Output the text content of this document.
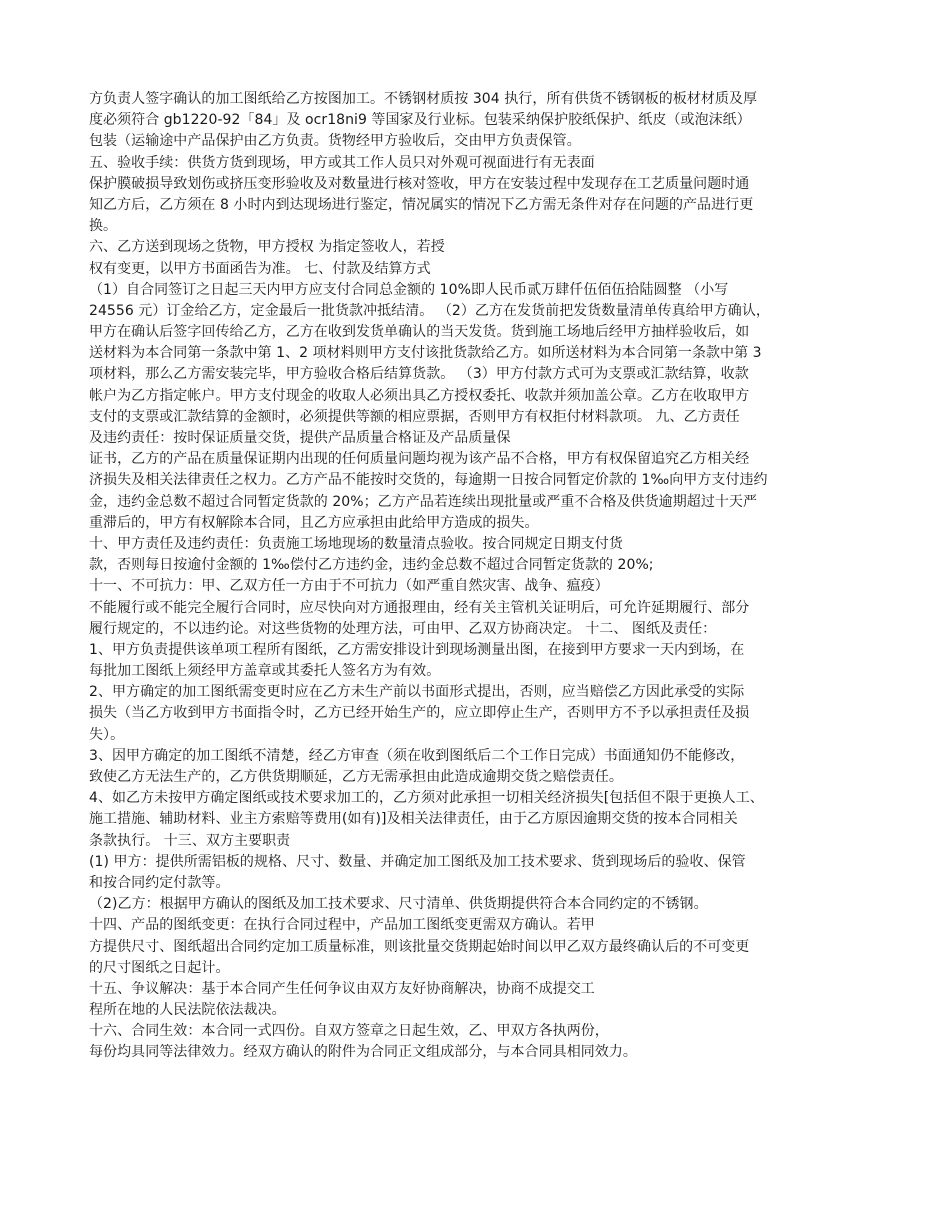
方负责人签字确认的加工图纸给乙方按图加工。不锈钢材质按 304 执行，所有供货不锈钢板的板材材质及厚
度必须符合 gb1220-92「84」及 ocr18ni9 等国家及行业标。包装采纳保护胶纸保护、纸皮（或泡沫纸）
包装（运输途中产品保护由乙方负责。货物经甲方验收后，交由甲方负责保管。
五、验收手续：供货方货到现场，甲方或其工作人员只对外观可视面进行有无表面
保护膜破损导致划伤或挤压变形验收及对数量进行核对签收，甲方在安装过程中发现存在工艺质量问题时通
知乙方后，乙方须在 8 小时内到达现场进行鉴定，情况属实的情况下乙方需无条件对存在问题的产品进行更
换。
六、乙方送到现场之货物，甲方授权 为指定签收人，若授
权有变更，以甲方书面函告为准。 七、付款及结算方式
（1）自合同签订之日起三天内甲方应支付合同总金额的 10%即人民币贰万肆仟伍佰伍拾陆圆整 （小写
24556 元）订金给乙方，定金最后一批货款冲抵结清。 （2）乙方在发货前把发货数量清单传真给甲方确认，
甲方在确认后签字回传给乙方，乙方在收到发货单确认的当天发货。货到施工场地后经甲方抽样验收后，如
送材料为本合同第一条款中第 1、2 项材料则甲方支付该批货款给乙方。如所送材料为本合同第一条款中第 3
项材料，那么乙方需安装完毕，甲方验收合格后结算货款。 （3）甲方付款方式可为支票或汇款结算，收款
帐户为乙方指定帐户。甲方支付现金的收取人必须出具乙方授权委托、收款并须加盖公章。乙方在收取甲方
支付的支票或汇款结算的金额时，必须提供等额的相应票据，否则甲方有权拒付材料款项。 九、乙方责任
及违约责任：按时保证质量交货，提供产品质量合格证及产品质量保
证书，乙方的产品在质量保证期内出现的任何质量问题均视为该产品不合格，甲方有权保留追究乙方相关经
济损失及相关法律责任之权力。乙方产品不能按时交货的，每逾期一日按合同暂定价款的 1‰向甲方支付违约
金，违约金总数不超过合同暂定货款的 20%；乙方产品若连续出现批量或严重不合格及供货逾期超过十天严
重滞后的，甲方有权解除本合同，且乙方应承担由此给甲方造成的损失。
十、甲方责任及违约责任：负责施工场地现场的数量清点验收。按合同规定日期支付货
款，否则每日按逾付金额的 1‰偿付乙方违约金，违约金总数不超过合同暂定货款的 20%;
十一、不可抗力：甲、乙双方任一方由于不可抗力（如严重自然灾害、战争、瘟疫）
不能履行或不能完全履行合同时，应尽快向对方通报理由，经有关主管机关证明后，可允许延期履行、部分
履行规定的，不以违约论。对这些货物的处理方法，可由甲、乙双方协商决定。 十二、 图纸及责任：
1、甲方负责提供该单项工程所有图纸，乙方需安排设计到现场测量出图，在接到甲方要求一天内到场，在
每批加工图纸上须经甲方盖章或其委托人签名方为有效。
2、甲方确定的加工图纸需变更时应在乙方未生产前以书面形式提出，否则，应当赔偿乙方因此承受的实际
损失（当乙方收到甲方书面指令时，乙方已经开始生产的，应立即停止生产，否则甲方不予以承担责任及损
失）。
3、因甲方确定的加工图纸不清楚，经乙方审查（须在收到图纸后二个工作日完成）书面通知仍不能修改，
致使乙方无法生产的，乙方供货期顺延，乙方无需承担由此造成逾期交货之赔偿责任。
4、如乙方未按甲方确定图纸或技术要求加工的，乙方须对此承担一切相关经济损失[包括但不限于更换人工、
施工措施、辅助材料、业主方索赔等费用(如有)]及相关法律责任，由于乙方原因逾期交货的按本合同相关
条款执行。 十三、双方主要职责
(1) 甲方：提供所需铝板的规格、尺寸、数量、并确定加工图纸及加工技术要求、货到现场后的验收、保管
和按合同约定付款等。
（2)乙方：根据甲方确认的图纸及加工技术要求、尺寸清单、供货期提供符合本合同约定的不锈钢。
十四、产品的图纸变更：在执行合同过程中，产品加工图纸变更需双方确认。若甲
方提供尺寸、图纸超出合同约定加工质量标准，则该批量交货期起始时间以甲乙双方最终确认后的不可变更
的尺寸图纸之日起计。
十五、争议解决：基于本合同产生任何争议由双方友好协商解决，协商不成提交工
程所在地的人民法院依法裁决。
十六、合同生效：本合同一式四份。自双方签章之日起生效，乙、甲双方各执两份，
每份均具同等法律效力。经双方确认的附件为合同正文组成部分，与本合同具相同效力。
